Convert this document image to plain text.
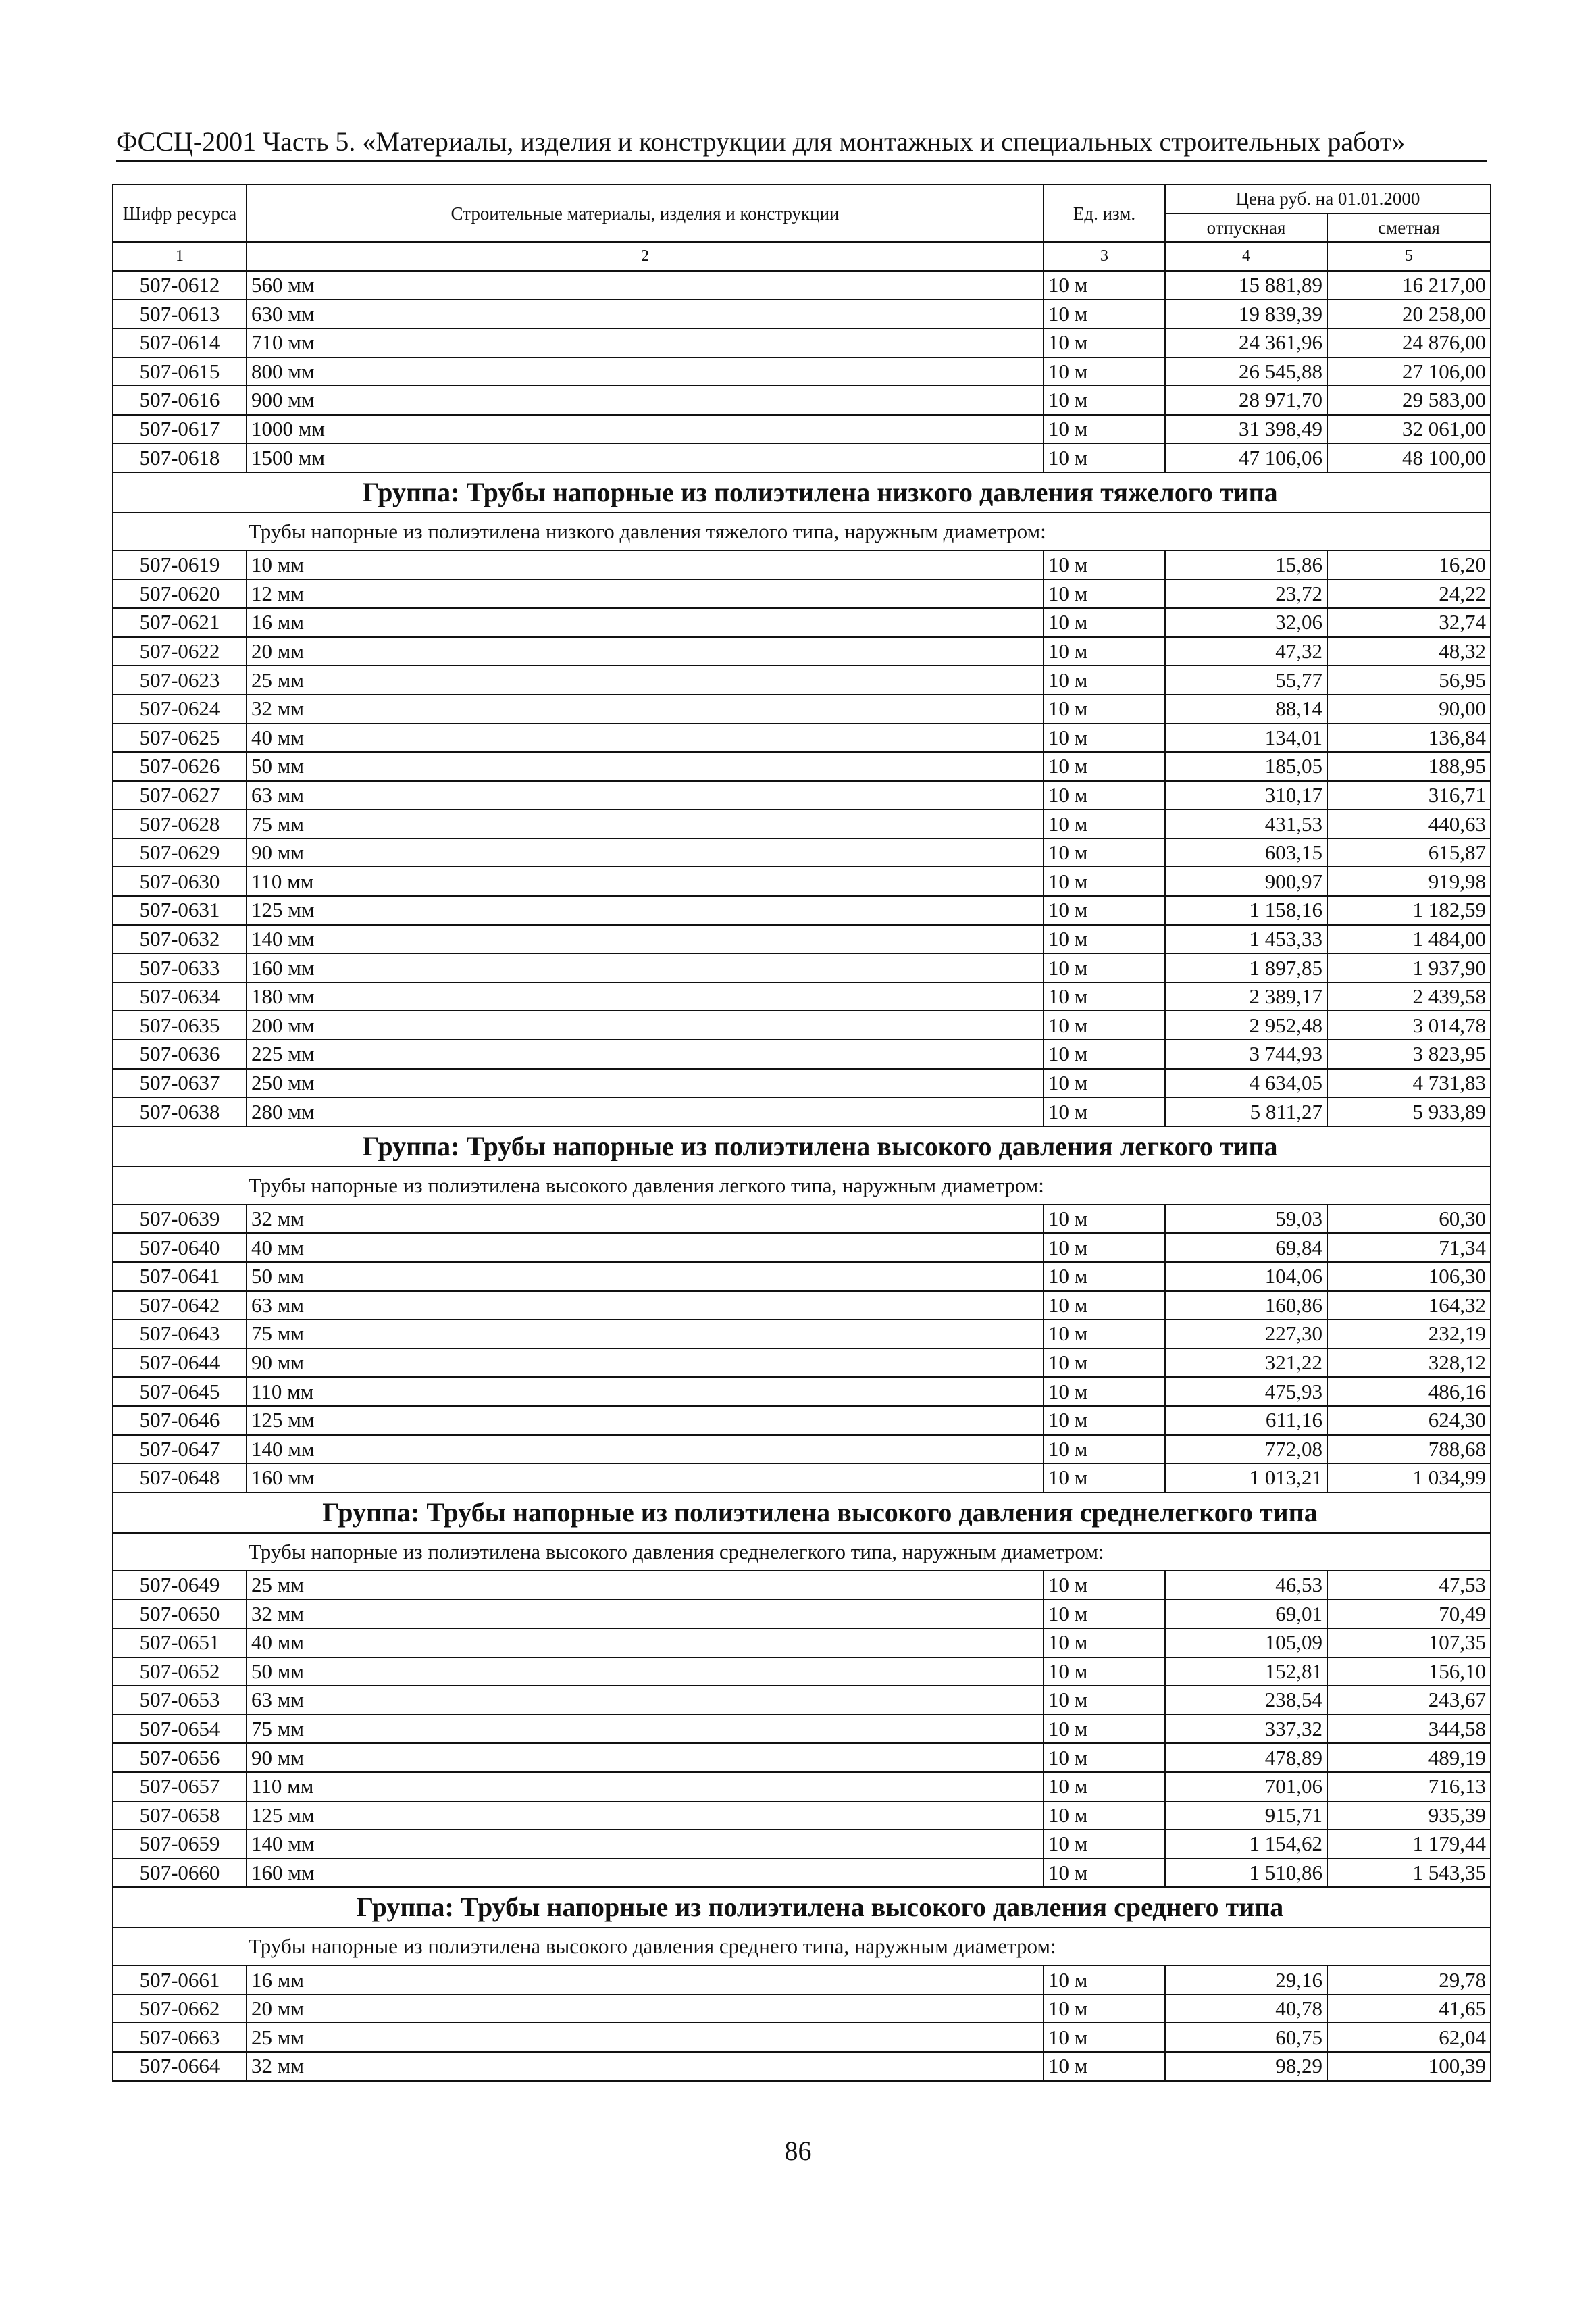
ФССЦ-2001 Часть 5. «Материалы, изделия и конструкции для монтажных и специальных строительных работ»
Шифр ресурса	Строительные материалы, изделия и конструкции	Ед. изм.	Цена руб. на 01.01.2000	
			отпускная	сметная
1	2	3	4	5
507-0612	560 мм	10 м	15 881,89	16 217,00
507-0613	630 мм	10 м	19 839,39	20 258,00
507-0614	710 мм	10 м	24 361,96	24 876,00
507-0615	800 мм	10 м	26 545,88	27 106,00
507-0616	900 мм	10 м	28 971,70	29 583,00
507-0617	1000 мм	10 м	31 398,49	32 061,00
507-0618	1500 мм	10 м	47 106,06	48 100,00
Группа: Трубы напорные из полиэтилена низкого давления тяжелого типа				
Трубы напорные из полиэтилена низкого давления тяжелого типа, наружным диаметром:				
507-0619	10 мм	10 м	15,86	16,20
507-0620	12 мм	10 м	23,72	24,22
507-0621	16 мм	10 м	32,06	32,74
507-0622	20 мм	10 м	47,32	48,32
507-0623	25 мм	10 м	55,77	56,95
507-0624	32 мм	10 м	88,14	90,00
507-0625	40 мм	10 м	134,01	136,84
507-0626	50 мм	10 м	185,05	188,95
507-0627	63 мм	10 м	310,17	316,71
507-0628	75 мм	10 м	431,53	440,63
507-0629	90 мм	10 м	603,15	615,87
507-0630	110 мм	10 м	900,97	919,98
507-0631	125 мм	10 м	1 158,16	1 182,59
507-0632	140 мм	10 м	1 453,33	1 484,00
507-0633	160 мм	10 м	1 897,85	1 937,90
507-0634	180 мм	10 м	2 389,17	2 439,58
507-0635	200 мм	10 м	2 952,48	3 014,78
507-0636	225 мм	10 м	3 744,93	3 823,95
507-0637	250 мм	10 м	4 634,05	4 731,83
507-0638	280 мм	10 м	5 811,27	5 933,89
Группа: Трубы напорные из полиэтилена высокого давления легкого типа				
Трубы напорные из полиэтилена высокого давления легкого типа, наружным диаметром:				
507-0639	32 мм	10 м	59,03	60,30
507-0640	40 мм	10 м	69,84	71,34
507-0641	50 мм	10 м	104,06	106,30
507-0642	63 мм	10 м	160,86	164,32
507-0643	75 мм	10 м	227,30	232,19
507-0644	90 мм	10 м	321,22	328,12
507-0645	110 мм	10 м	475,93	486,16
507-0646	125 мм	10 м	611,16	624,30
507-0647	140 мм	10 м	772,08	788,68
507-0648	160 мм	10 м	1 013,21	1 034,99
Группа: Трубы напорные из полиэтилена высокого давления среднелегкого типа				
Трубы напорные из полиэтилена высокого давления среднелегкого типа, наружным диаметром:				
507-0649	25 мм	10 м	46,53	47,53
507-0650	32 мм	10 м	69,01	70,49
507-0651	40 мм	10 м	105,09	107,35
507-0652	50 мм	10 м	152,81	156,10
507-0653	63 мм	10 м	238,54	243,67
507-0654	75 мм	10 м	337,32	344,58
507-0656	90 мм	10 м	478,89	489,19
507-0657	110 мм	10 м	701,06	716,13
507-0658	125 мм	10 м	915,71	935,39
507-0659	140 мм	10 м	1 154,62	1 179,44
507-0660	160 мм	10 м	1 510,86	1 543,35
Группа: Трубы напорные из полиэтилена высокого давления среднего типа				
Трубы напорные из полиэтилена высокого давления среднего типа, наружным диаметром:				
507-0661	16 мм	10 м	29,16	29,78
507-0662	20 мм	10 м	40,78	41,65
507-0663	25 мм	10 м	60,75	62,04
507-0664	32 мм	10 м	98,29	100,39
86
